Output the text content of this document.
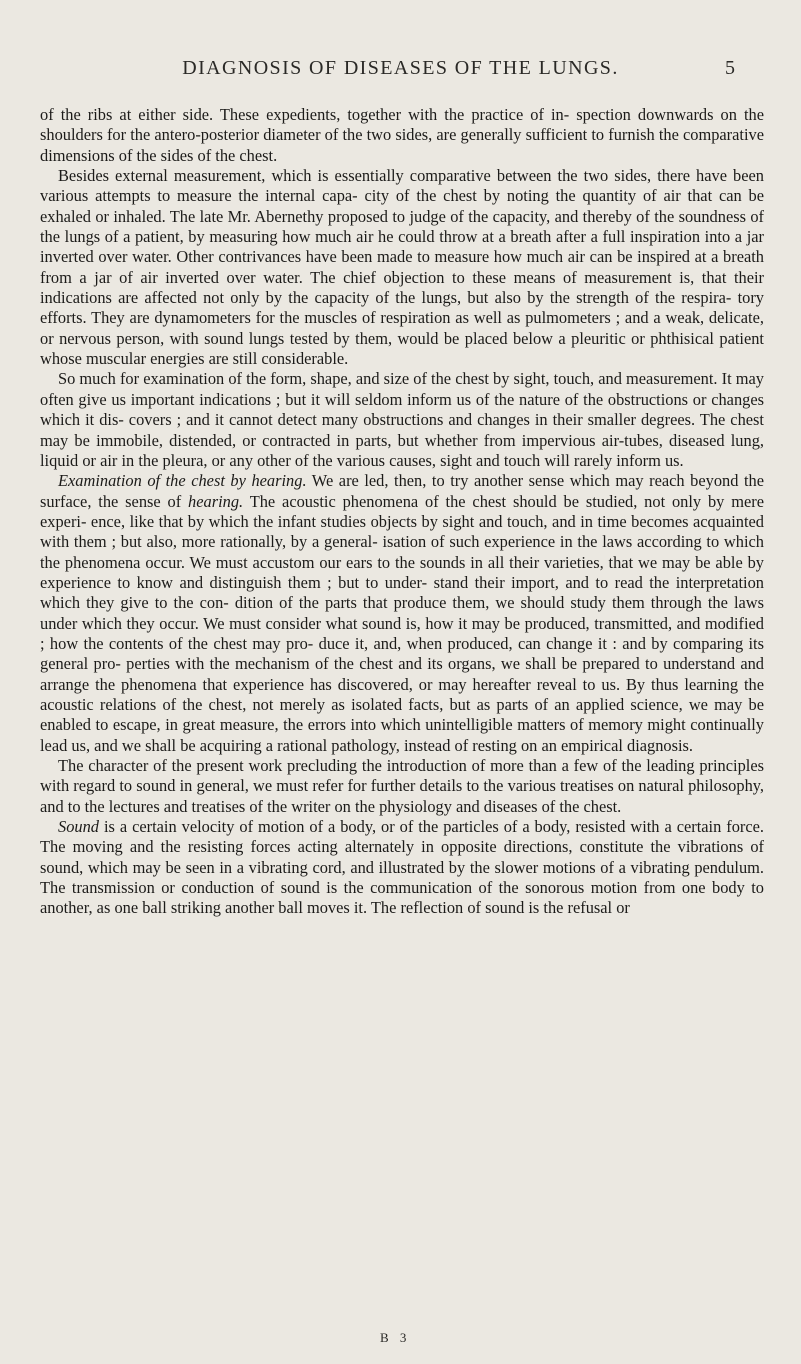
DIAGNOSIS OF DISEASES OF THE LUNGS.	5

of the ribs at either side. These expedients, together with the practice of in- spection downwards on the shoulders for the antero-posterior diameter of the two sides, are generally sufficient to furnish the comparative dimensions of the sides of the chest.

Besides external measurement, which is essentially comparative between the two sides, there have been various attempts to measure the internal capa- city of the chest by noting the quantity of air that can be exhaled or inhaled. The late Mr. Abernethy proposed to judge of the capacity, and thereby of the soundness of the lungs of a patient, by measuring how much air he could throw at a breath after a full inspiration into a jar inverted over water. Other contrivances have been made to measure how much air can be inspired at a breath from a jar of air inverted over water. The chief objection to these means of measurement is, that their indications are affected not only by the capacity of the lungs, but also by the strength of the respira- tory efforts. They are dynamometers for the muscles of respiration as well as pulmometers ; and a weak, delicate, or nervous person, with sound lungs tested by them, would be placed below a pleuritic or phthisical patient whose muscular energies are still considerable.

So much for examination of the form, shape, and size of the chest by sight, touch, and measurement. It may often give us important indications ; but it will seldom inform us of the nature of the obstructions or changes which it dis- covers ; and it cannot detect many obstructions and changes in their smaller degrees. The chest may be immobile, distended, or contracted in parts, but whether from impervious air-tubes, diseased lung, liquid or air in the pleura, or any other of the various causes, sight and touch will rarely inform us.

Examination of the chest by hearing. We are led, then, to try another sense which may reach beyond the surface, the sense of hearing. The acoustic phenomena of the chest should be studied, not only by mere experi- ence, like that by which the infant studies objects by sight and touch, and in time becomes acquainted with them ; but also, more rationally, by a general- isation of such experience in the laws according to which the phenomena occur. We must accustom our ears to the sounds in all their varieties, that we may be able by experience to know and distinguish them ; but to under- stand their import, and to read the interpretation which they give to the con- dition of the parts that produce them, we should study them through the laws under which they occur. We must consider what sound is, how it may be produced, transmitted, and modified ; how the contents of the chest may pro- duce it, and, when produced, can change it : and by comparing its general pro- perties with the mechanism of the chest and its organs, we shall be prepared to understand and arrange the phenomena that experience has discovered, or may hereafter reveal to us. By thus learning the acoustic relations of the chest, not merely as isolated facts, but as parts of an applied science, we may be enabled to escape, in great measure, the errors into which unintelligible matters of memory might continually lead us, and we shall be acquiring a rational pathology, instead of resting on an empirical diagnosis.

The character of the present work precluding the introduction of more than a few of the leading principles with regard to sound in general, we must refer for further details to the various treatises on natural philosophy, and to the lectures and treatises of the writer on the physiology and diseases of the chest.

Sound is a certain velocity of motion of a body, or of the particles of a body, resisted with a certain force. The moving and the resisting forces acting alternately in opposite directions, constitute the vibrations of sound, which may be seen in a vibrating cord, and illustrated by the slower motions of a vibrating pendulum. The transmission or conduction of sound is the communication of the sonorous motion from one body to another, as one ball striking another ball moves it. The reflection of sound is the refusal or

B 3
